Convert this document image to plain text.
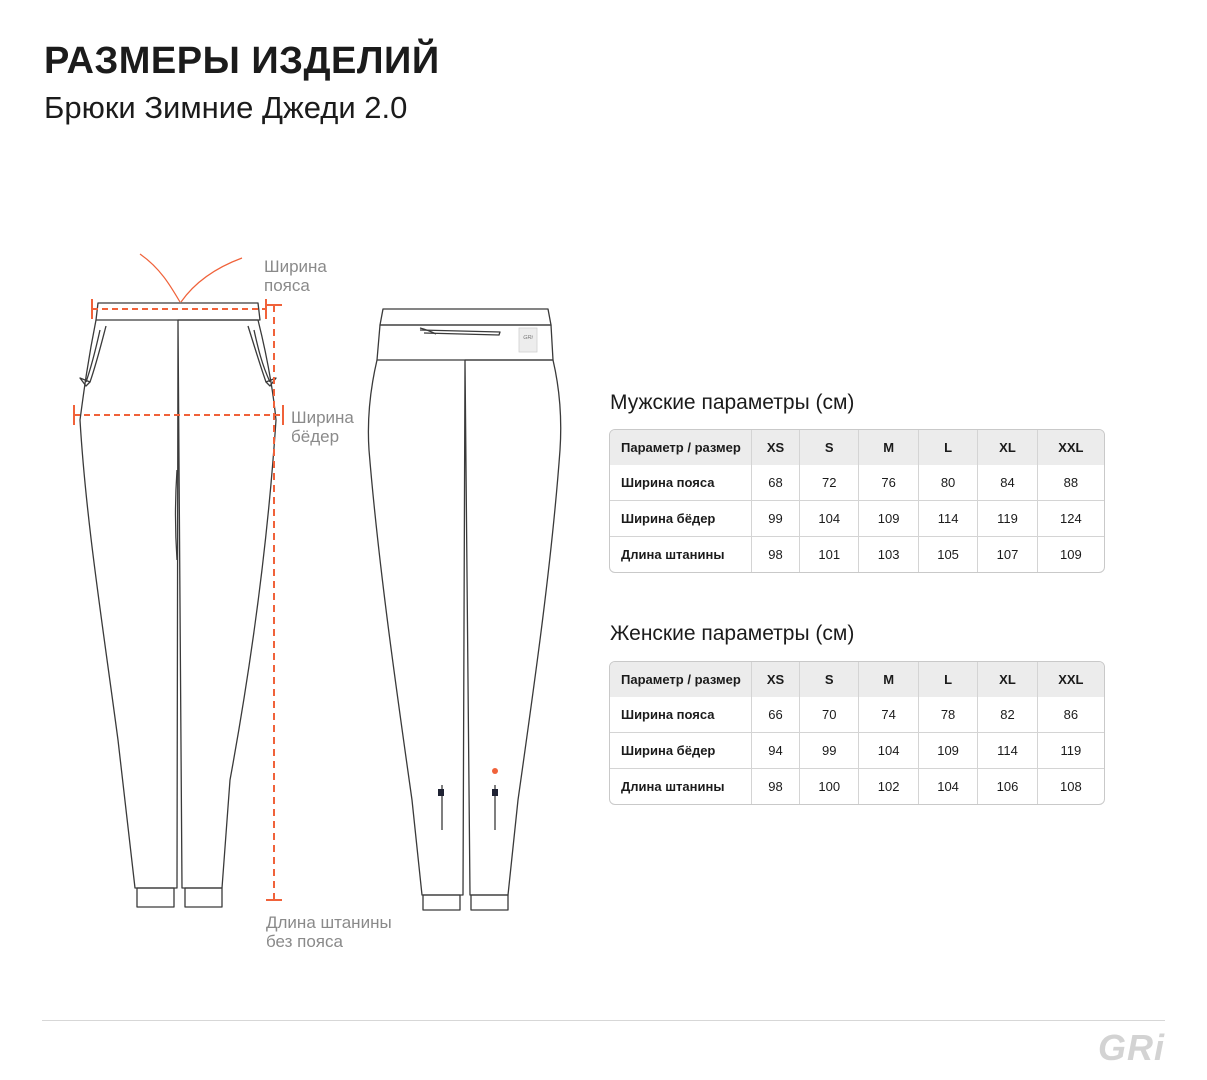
РАЗМЕРЫ ИЗДЕЛИЙ
Брюки Зимние Джеди 2.0
GRi
Ширина
пояса
Ширина
бёдер
Длина штанины
без пояса
Мужские параметры (см)
Параметр / размер	XS	S	M	L	XL	XXL
Ширина пояса	68	72	76	80	84	88
Ширина бёдер	99	104	109	114	119	124
Длина штанины	98	101	103	105	107	109
Женские параметры (см)
Параметр / размер	XS	S	M	L	XL	XXL
Ширина пояса	66	70	74	78	82	86
Ширина бёдер	94	99	104	109	114	119
Длина штанины	98	100	102	104	106	108
GRi
